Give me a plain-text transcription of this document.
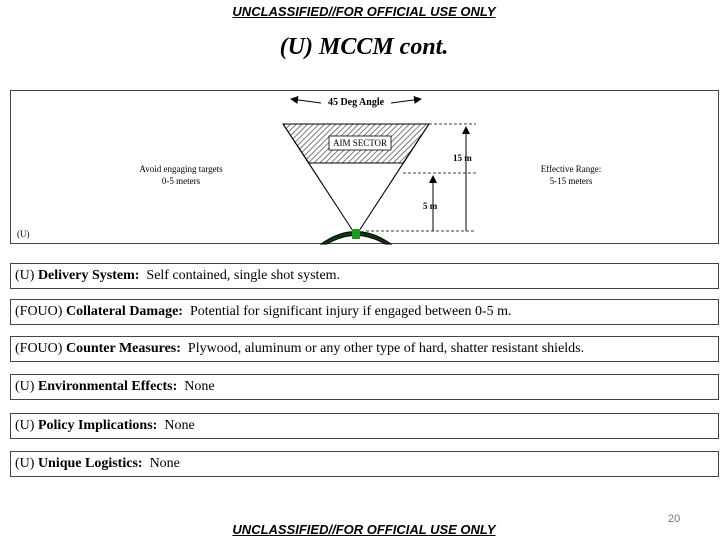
UNCLASSIFIED//FOR OFFICIAL USE ONLY
(U) MCCM cont.
45 Deg Angle
AIM SECTOR
15 m
5 m
Avoid engaging targets
0-5 meters
Effective Range:
5-15 meters
(U)
(U) Delivery System: Self contained, single shot system.
(FOUO) Collateral Damage: Potential for significant injury if engaged between 0-5 m.
(FOUO) Counter Measures: Plywood, aluminum or any other type of hard, shatter resistant shields.
(U) Environmental Effects: None
(U) Policy Implications: None
(U) Unique Logistics: None
20
UNCLASSIFIED//FOR OFFICIAL USE ONLY
